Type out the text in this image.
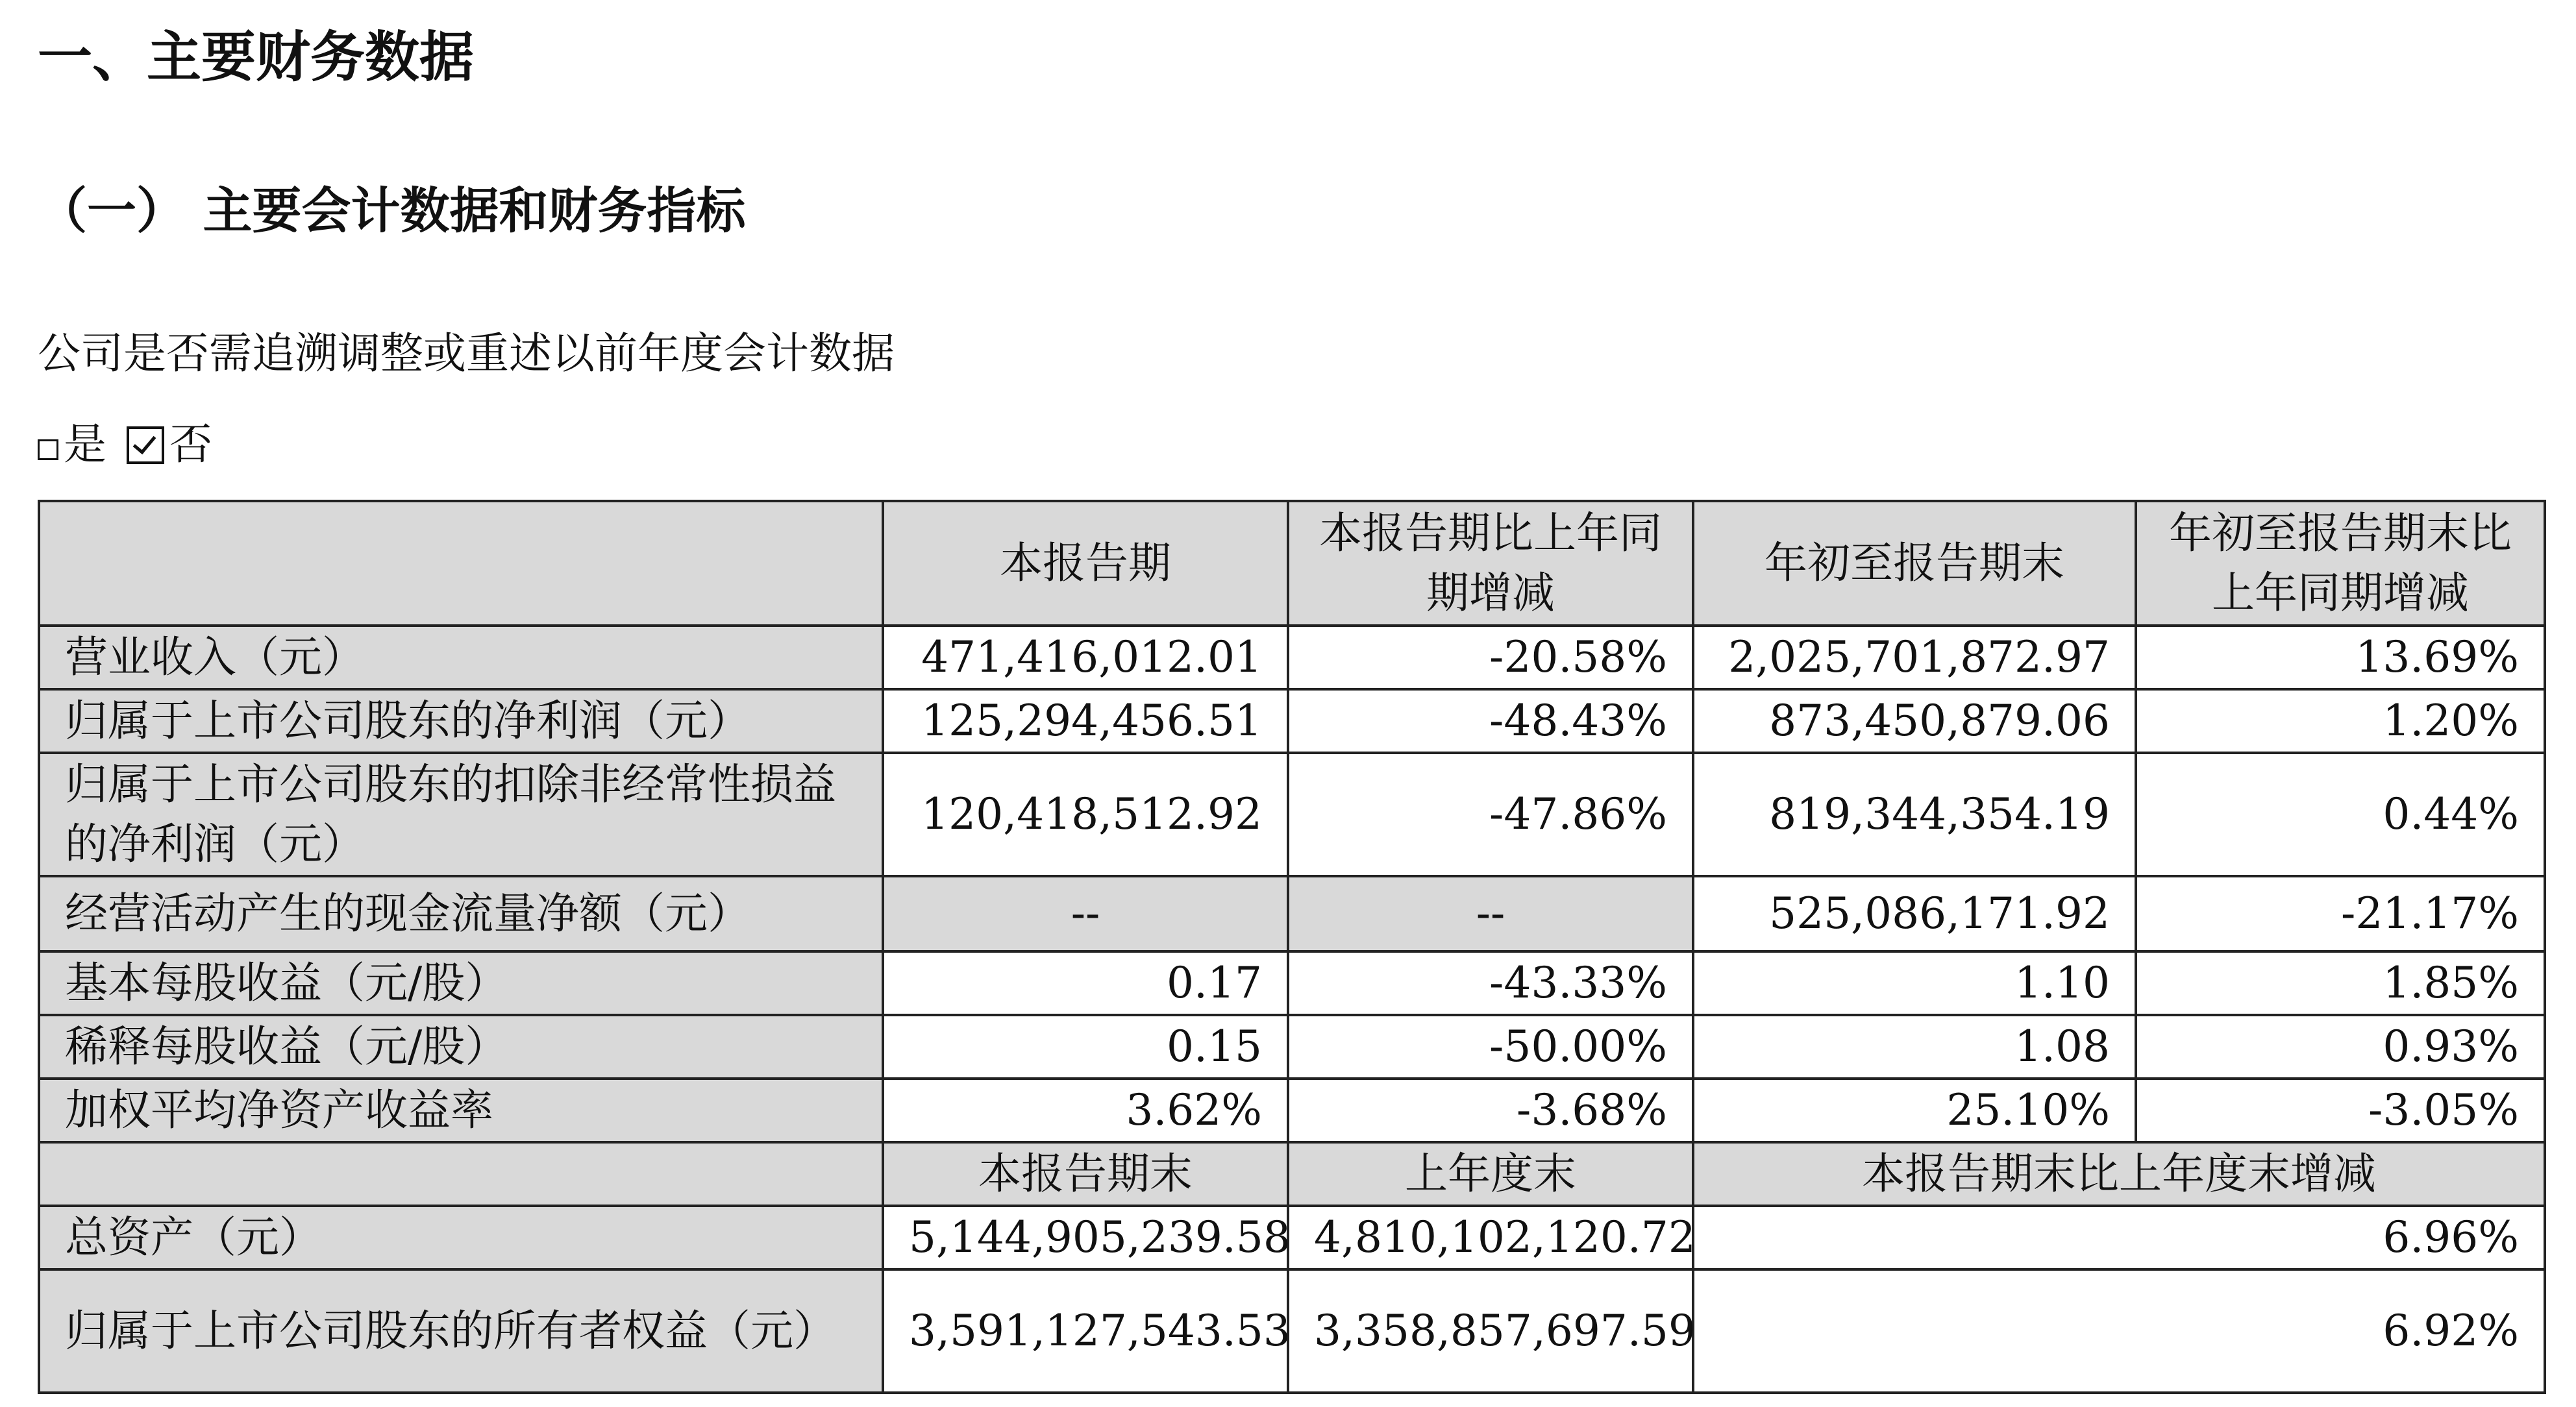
一、主要财务数据
（一） 主要会计数据和财务指标
公司是否需追溯调整或重述以前年度会计数据
是 否
	本报告期	本报告期比上年同期增减	年初至报告期末	年初至报告期末比上年同期增减
营业收入（元）	471,416,012.01	-20.58%	2,025,701,872.97	13.69%
归属于上市公司股东的净利润（元）	125,294,456.51	-48.43%	873,450,879.06	1.20%
归属于上市公司股东的扣除非经常性损益的净利润（元）	120,418,512.92	-47.86%	819,344,354.19	0.44%
经营活动产生的现金流量净额（元）	--	--	525,086,171.92	-21.17%
基本每股收益（元/股）	0.17	-43.33%	1.10	1.85%
稀释每股收益（元/股）	0.15	-50.00%	1.08	0.93%
加权平均净资产收益率	3.62%	-3.68%	25.10%	-3.05%
	本报告期末	上年度末	本报告期末比上年度末增减	
总资产（元）	5,144,905,239.58	4,810,102,120.72	6.96%	
归属于上市公司股东的所有者权益（元）	3,591,127,543.53	3,358,857,697.59	6.92%	
